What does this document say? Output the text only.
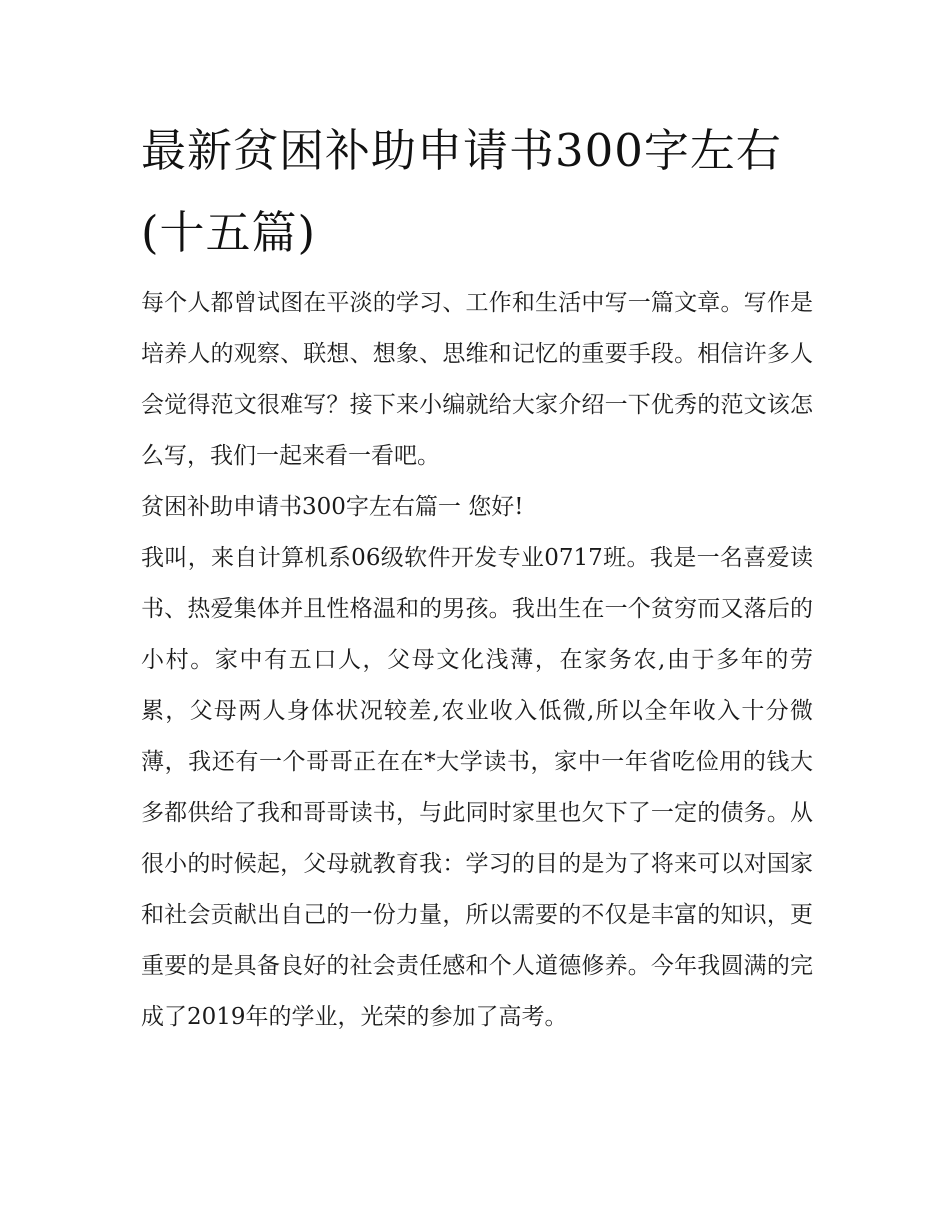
最新贫困补助申请书300字左右(十五篇)

每个人都曾试图在平淡的学习、工作和生活中写一篇文章。写作是培养人的观察、联想、想象、思维和记忆的重要手段。相信许多人会觉得范文很难写？接下来小编就给大家介绍一下优秀的范文该怎么写，我们一起来看一看吧。

贫困补助申请书300字左右篇一 您好!

我叫，来自计算机系06级软件开发专业0717班。我是一名喜爱读书、热爱集体并且性格温和的男孩。我出生在一个贫穷而又落后的小村。家中有五口人，父母文化浅薄，在家务农,由于多年的劳累，父母两人身体状况较差,农业收入低微,所以全年收入十分微薄，我还有一个哥哥正在在*大学读书，家中一年省吃俭用的钱大多都供给了我和哥哥读书，与此同时家里也欠下了一定的债务。从很小的时候起，父母就教育我：学习的目的是为了将来可以对国家和社会贡献出自己的一份力量，所以需要的不仅是丰富的知识，更重要的是具备良好的社会责任感和个人道德修养。今年我圆满的完成了2019年的学业，光荣的参加了高考。
